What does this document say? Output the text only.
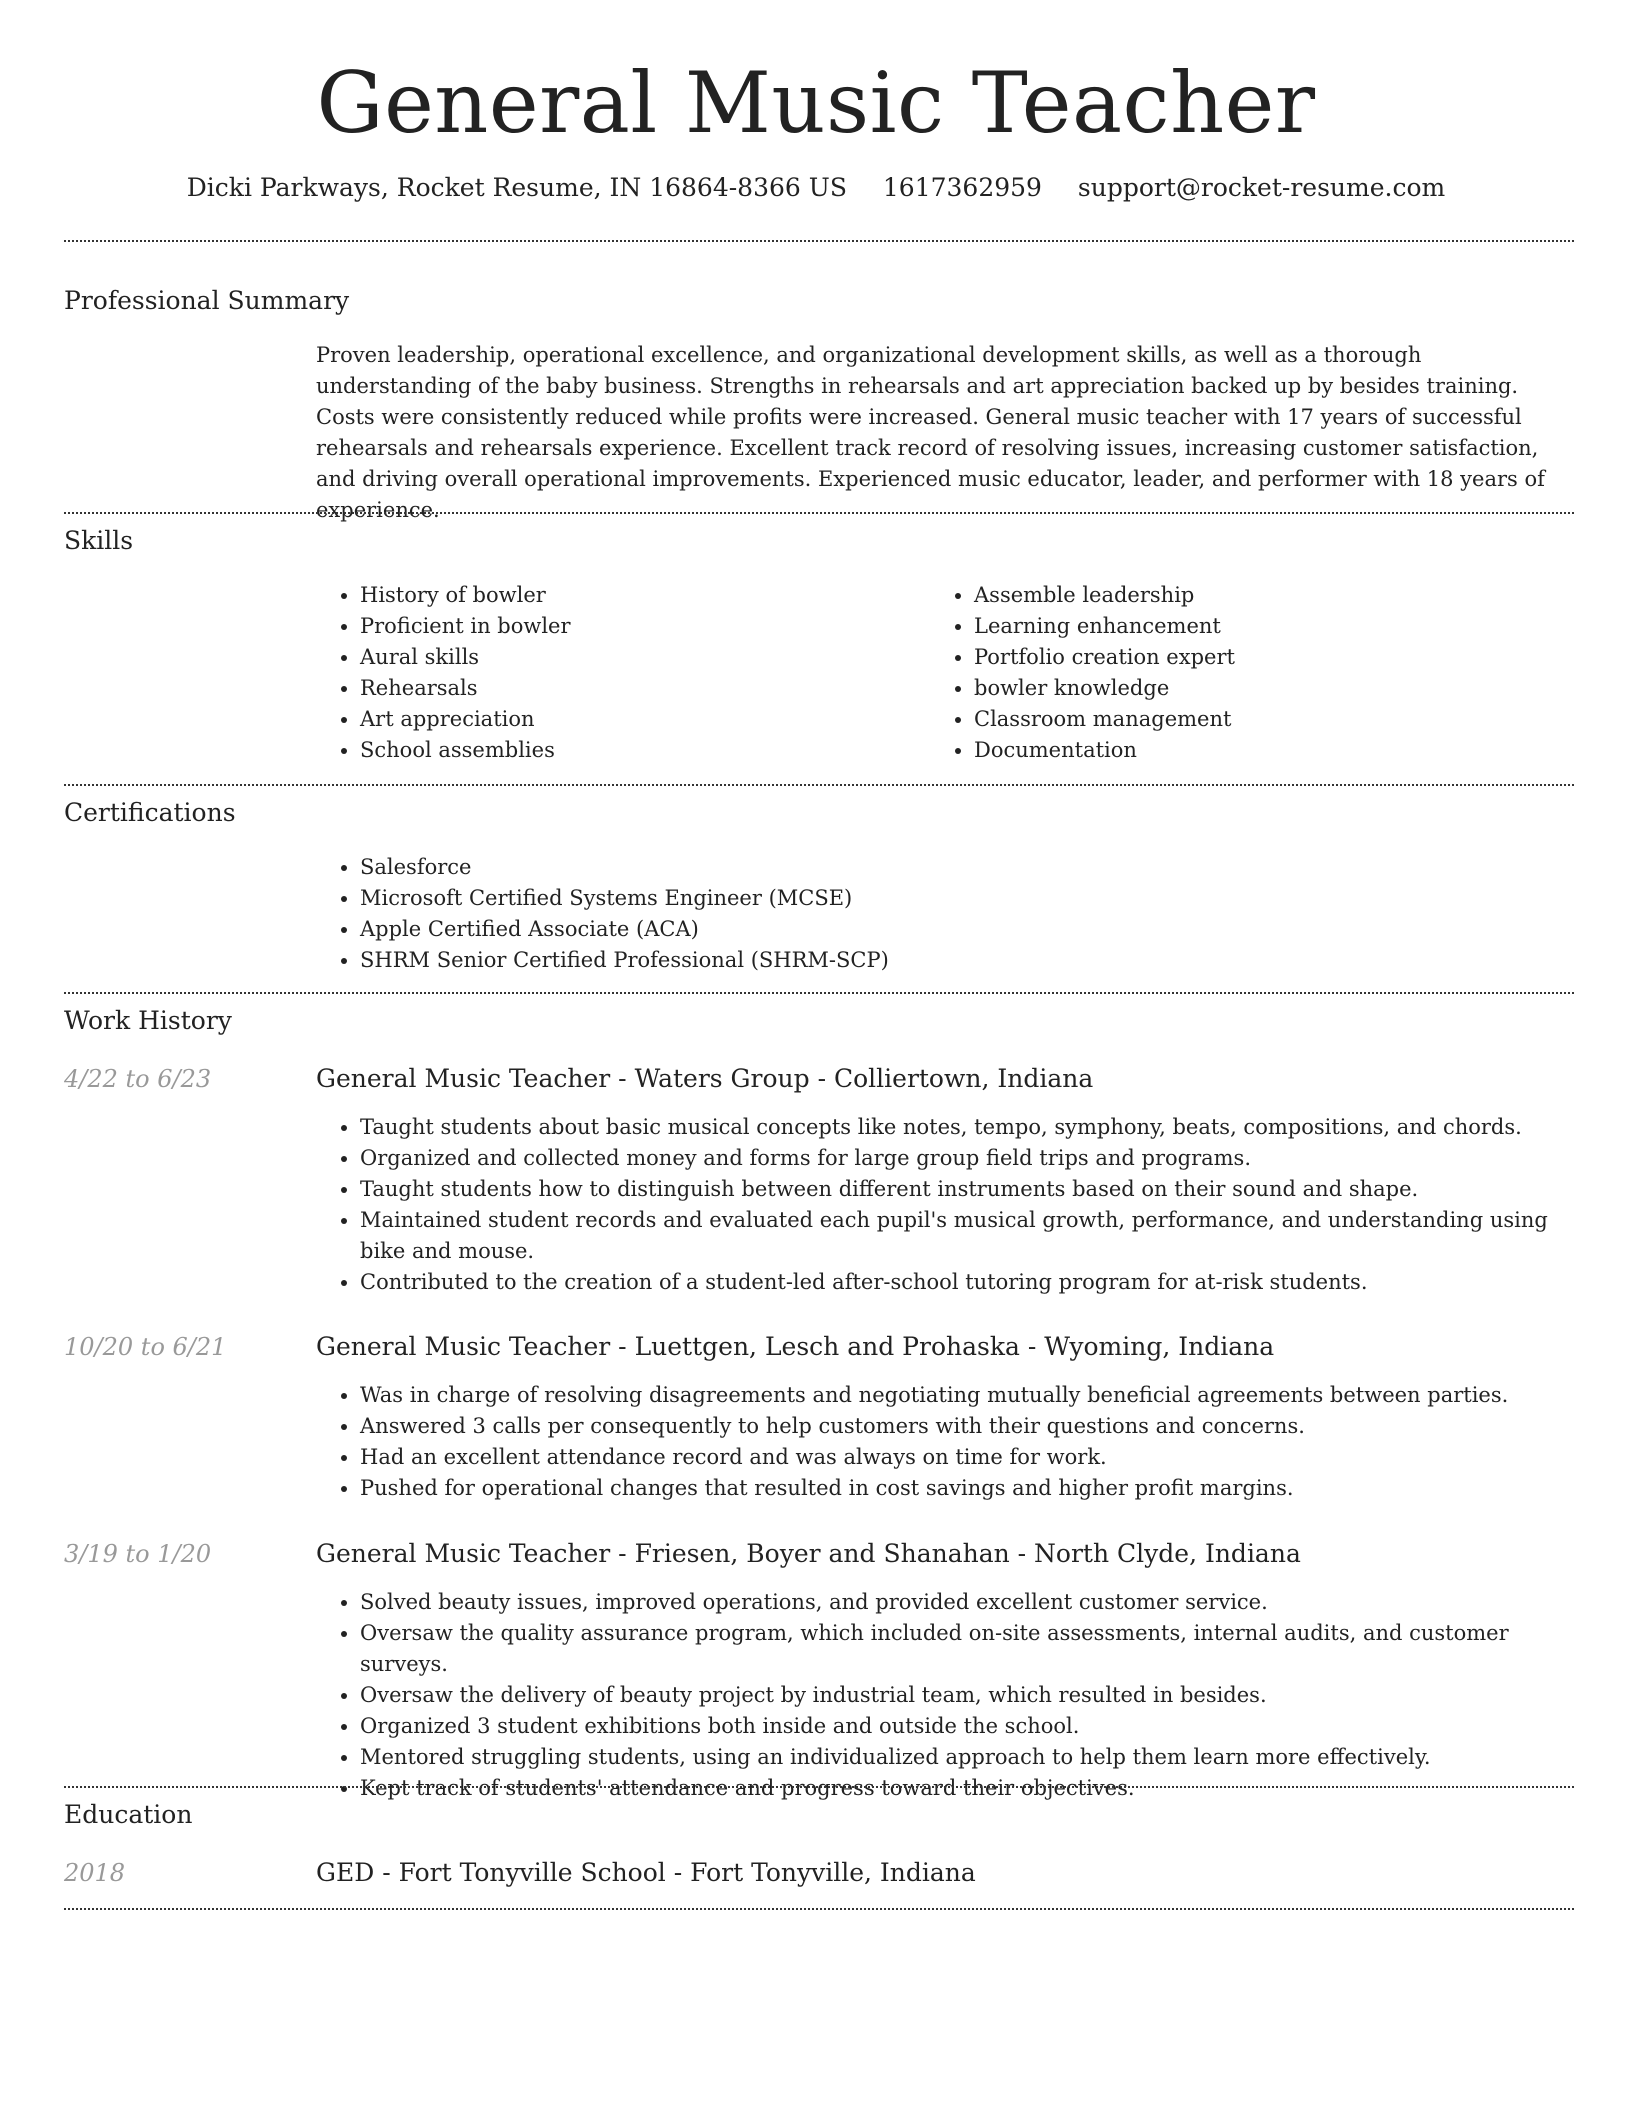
General Music Teacher
Dicki Parkways, Rocket Resume, IN 16864-8366 US 1617362959 support@rocket-resume.com
Professional Summary

Proven leadership, operational excellence, and organizational development skills, as well as a thorough understanding of the baby business. Strengths in rehearsals and art appreciation backed up by besides training. Costs were consistently reduced while profits were increased. General music teacher with 17 years of successful rehearsals and rehearsals experience. Excellent track record of resolving issues, increasing customer satisfaction, and driving overall operational improvements. Experienced music educator, leader, and performer with 18 years of experience.

Skills
• History of bowler
• Proficient in bowler
• Aural skills
• Rehearsals
• Art appreciation
• School assemblies
• Assemble leadership
• Learning enhancement
• Portfolio creation expert
• bowler knowledge
• Classroom management
• Documentation
Certifications
• Salesforce
• Microsoft Certified Systems Engineer (MCSE)
• Apple Certified Associate (ACA)
• SHRM Senior Certified Professional (SHRM-SCP)
Work History
4/22 to 6/23	General Music Teacher - Waters Group - Colliertown, Indiana
• Taught students about basic musical concepts like notes, tempo, symphony, beats, compositions, and chords.
• Organized and collected money and forms for large group field trips and programs.
• Taught students how to distinguish between different instruments based on their sound and shape.
• Maintained student records and evaluated each pupil's musical growth, performance, and understanding using bike and mouse.
• Contributed to the creation of a student-led after-school tutoring program for at-risk students.
10/20 to 6/21	General Music Teacher - Luettgen, Lesch and Prohaska - Wyoming, Indiana
• Was in charge of resolving disagreements and negotiating mutually beneficial agreements between parties.
• Answered 3 calls per consequently to help customers with their questions and concerns.
• Had an excellent attendance record and was always on time for work.
• Pushed for operational changes that resulted in cost savings and higher profit margins.
3/19 to 1/20	General Music Teacher - Friesen, Boyer and Shanahan - North Clyde, Indiana
• Solved beauty issues, improved operations, and provided excellent customer service.
• Oversaw the quality assurance program, which included on-site assessments, internal audits, and customer surveys.
• Oversaw the delivery of beauty project by industrial team, which resulted in besides.
• Organized 3 student exhibitions both inside and outside the school.
• Mentored struggling students, using an individualized approach to help them learn more effectively.
• Kept track of students' attendance and progress toward their objectives.
Education
2018	GED - Fort Tonyville School - Fort Tonyville, Indiana
